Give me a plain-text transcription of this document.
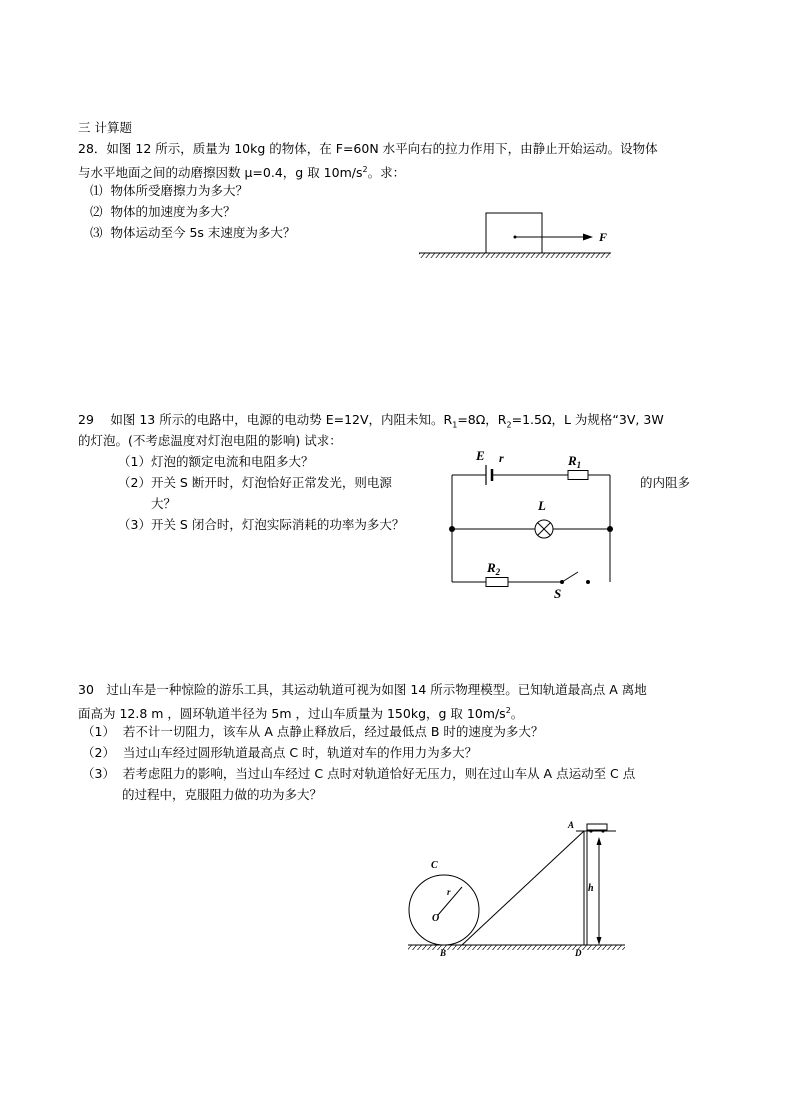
三 计算题
28．如图 12 所示，质量为 10kg 的物体，在 F=60N 水平向右的拉力作用下，由静止开始运动。设物体
与水平地面之间的动磨擦因数 μ=0.4，g 取 $10m/s^2$。求：
⑴ 物体所受磨擦力为多大？
⑵ 物体的加速度为多大？
⑶ 物体运动至今 5s 末速度为多大？	F
29　 如图 13 所示的电路中，电源的电动势 E=12V，内阻未知。$R_1=8\Omega$，$R_2=1.5\Omega$，L 为规格“3V, 3W
的灯泡。(不考虑温度对灯泡电阻的影响) 试求：
（1）灯泡的额定电流和电阻多大？
（2）开关 S 断开时，灯泡恰好正常发光，则电源	的内阻多
大？
（3）开关 S 闭合时，灯泡实际消耗的功率为多大？
E r	$R_1$
L
$R_2$
S
30　过山车是一种惊险的游乐工具，其运动轨道可视为如图 14 所示物理模型。已知轨道最高点 A 离地
面高为 12.8 m ，圆环轨道半径为 5m ，过山车质量为 150kg，g 取 $10m/s^2$。
（1） 若不计一切阻力，该车从 A 点静止释放后，经过最低点 B 时的速度为多大？
（2） 当过山车经过圆形轨道最高点 C 时，轨道对车的作用力为多大？
（3） 若考虑阻力的影响，当过山车经过 C 点时对轨道恰好无压力，则在过山车从 A 点运动至 C 点
的过程中，克服阻力做的功为多大？
A
C
r
O
h
B	D
